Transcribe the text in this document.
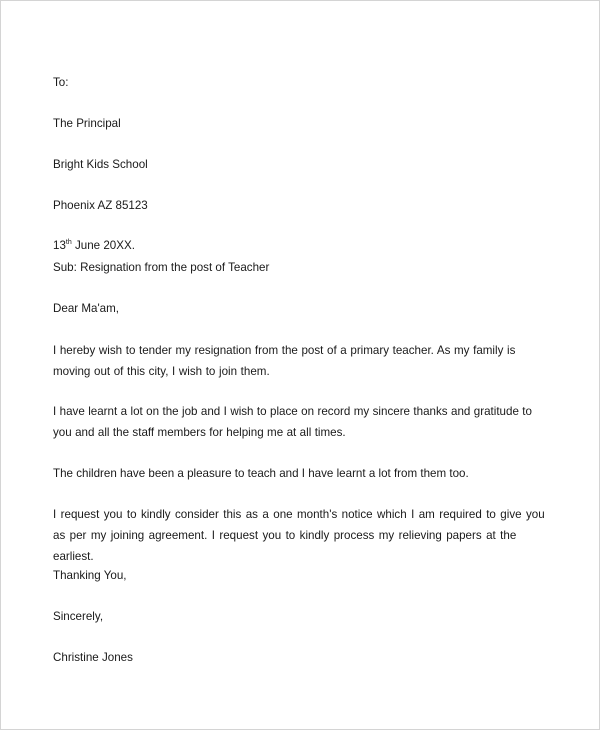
To:
The Principal
Bright Kids School
Phoenix AZ 85123
13th June 20XX.
Sub: Resignation from the post of Teacher
Dear Ma'am,
I hereby wish to tender my resignation from the post of a primary teacher. As my family is moving out of this city, I wish to join them.
I have learnt a lot on the job and I wish to place on record my sincere thanks and gratitude to you and all the staff members for helping me at all times.
The children have been a pleasure to teach and I have learnt a lot from them too.
I request you to kindly consider this as a one month's notice which I am required to give you as per my joining agreement. I request you to kindly process my relieving papers at the earliest.
Thanking You,
Sincerely,
Christine Jones
